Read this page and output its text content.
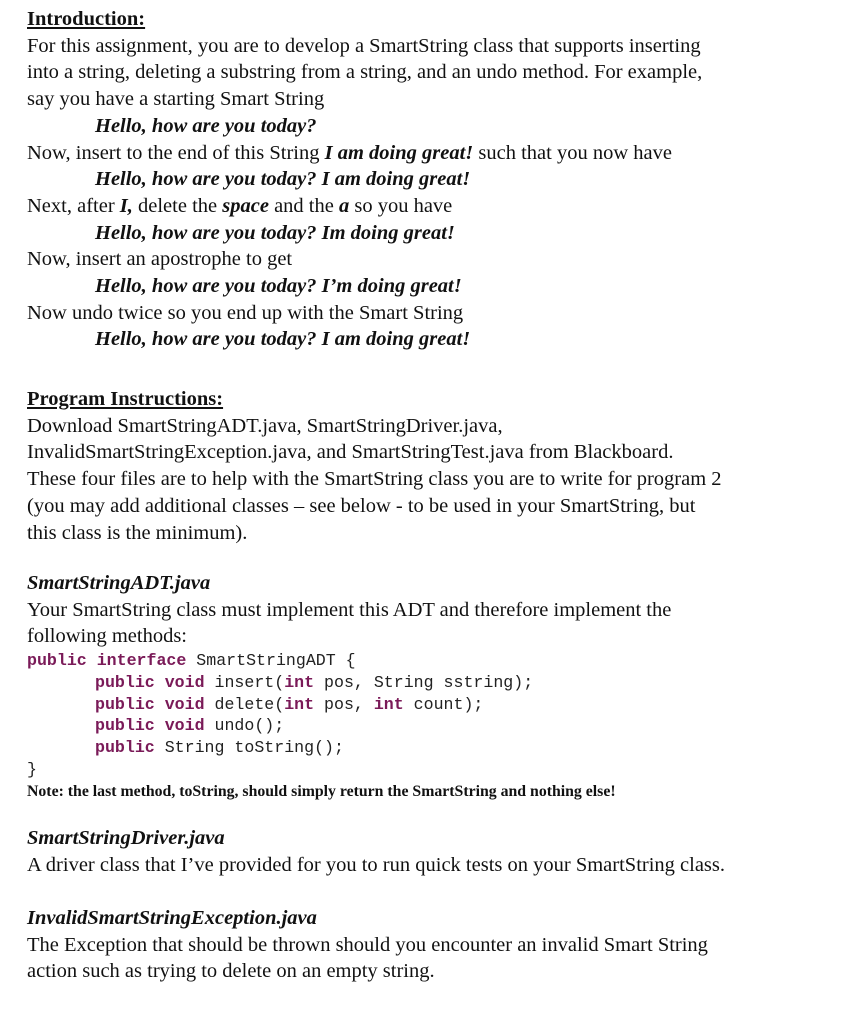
Introduction:

For this assignment, you are to develop a SmartString class that supports inserting

into a string, deleting a substring from a string, and an undo method. For example,

say you have a starting Smart String

Hello, how are you today?

Now, insert to the end of this String I am doing great! such that you now have

Hello, how are you today? I am doing great!

Next, after I, delete the space and the a so you have

Hello, how are you today? Im doing great!

Now, insert an apostrophe to get

Hello, how are you today? I’m doing great!

Now undo twice so you end up with the Smart String

Hello, how are you today? I am doing great!

Program Instructions:

Download SmartStringADT.java, SmartStringDriver.java,

InvalidSmartStringException.java, and SmartStringTest.java from Blackboard.

These four files are to help with the SmartString class you are to write for program 2

(you may add additional classes – see below - to be used in your SmartString, but

this class is the minimum).

SmartStringADT.java

Your SmartString class must implement this ADT and therefore implement the

following methods:

public interface SmartStringADT {

public void insert(int pos, String sstring);

public void delete(int pos, int count);

public void undo();

public String toString();

}

Note: the last method, toString, should simply return the SmartString and nothing else!

SmartStringDriver.java

A driver class that I’ve provided for you to run quick tests on your SmartString class.

InvalidSmartStringException.java

The Exception that should be thrown should you encounter an invalid Smart String

action such as trying to delete on an empty string.
